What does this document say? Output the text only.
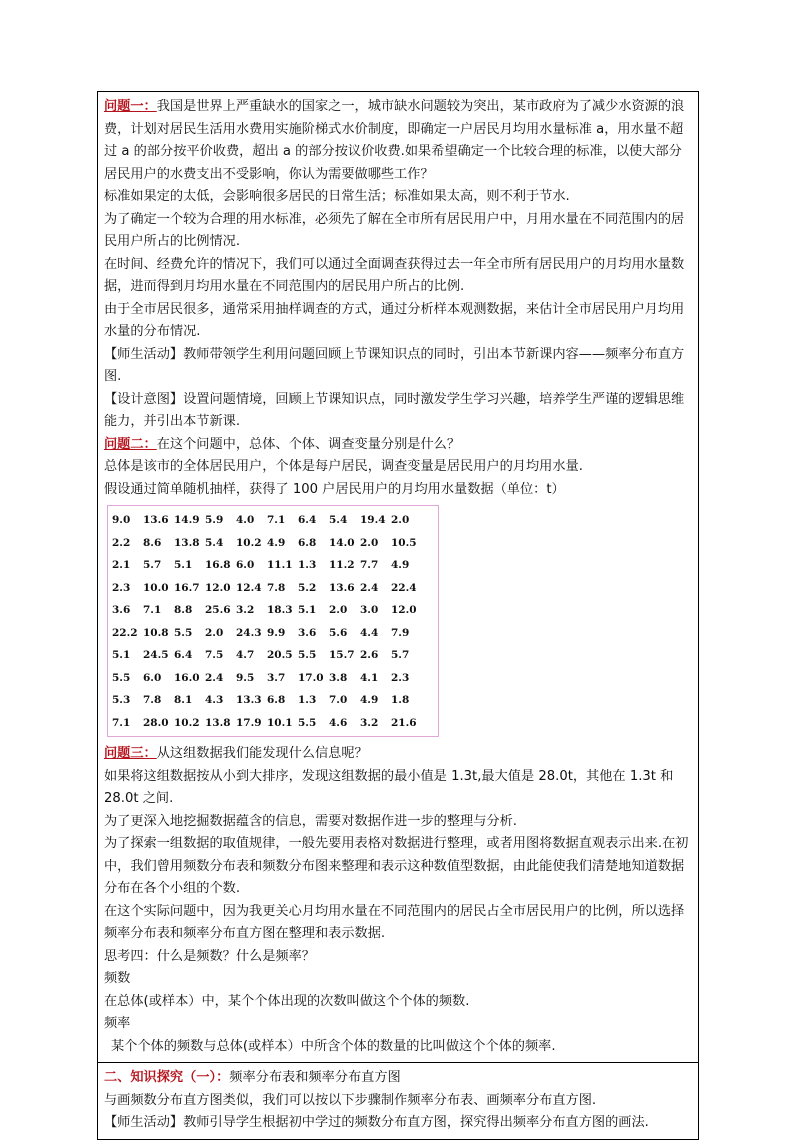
问题一：我国是世界上严重缺水的国家之一，城市缺水问题较为突出，某市政府为了减少水资源的浪费，计划对居民生活用水费用实施阶梯式水价制度，即确定一户居民月均用水量标准 a，用水量不超过 a 的部分按平价收费，超出 a 的部分按议价收费.如果希望确定一个比较合理的标准，以使大部分居民用户的水费支出不受影响，你认为需要做哪些工作？

标准如果定的太低，会影响很多居民的日常生活；标准如果太高，则不利于节水.

为了确定一个较为合理的用水标准，必须先了解在全市所有居民用户中，月用水量在不同范围内的居民用户所占的比例情况.

在时间、经费允许的情况下，我们可以通过全面调查获得过去一年全市所有居民用户的月均用水量数据，进而得到月均用水量在不同范围内的居民用户所占的比例.

由于全市居民很多，通常采用抽样调查的方式，通过分析样本观测数据，来估计全市居民用户月均用水量的分布情况.

【师生活动】教师带领学生利用问题回顾上节课知识点的同时，引出本节新课内容——频率分布直方图.

【设计意图】设置问题情境，回顾上节课知识点，同时激发学生学习兴趣，培养学生严谨的逻辑思维能力，并引出本节新课.

问题二：在这个问题中，总体、个体、调查变量分别是什么？

总体是该市的全体居民用户，个体是每户居民，调查变量是居民用户的月均用水量.

假设通过简单随机抽样，获得了 100 户居民用户的月均用水量数据（单位：t）

9.0	13.6	14.9	5.9	4.0	7.1	6.4	5.4	19.4	2.0
2.2	8.6	13.8	5.4	10.2	4.9	6.8	14.0	2.0	10.5
2.1	5.7	5.1	16.8	6.0	11.1	1.3	11.2	7.7	4.9
2.3	10.0	16.7	12.0	12.4	7.8	5.2	13.6	2.4	22.4
3.6	7.1	8.8	25.6	3.2	18.3	5.1	2.0	3.0	12.0
22.2	10.8	5.5	2.0	24.3	9.9	3.6	5.6	4.4	7.9
5.1	24.5	6.4	7.5	4.7	20.5	5.5	15.7	2.6	5.7
5.5	6.0	16.0	2.4	9.5	3.7	17.0	3.8	4.1	2.3
5.3	7.8	8.1	4.3	13.3	6.8	1.3	7.0	4.9	1.8
7.1	28.0	10.2	13.8	17.9	10.1	5.5	4.6	3.2	21.6

问题三：从这组数据我们能发现什么信息呢？

如果将这组数据按从小到大排序，发现这组数据的最小值是 1.3t,最大值是 28.0t，其他在 1.3t 和 28.0t 之间.

为了更深入地挖掘数据蕴含的信息，需要对数据作进一步的整理与分析.

为了探索一组数据的取值规律，一般先要用表格对数据进行整理，或者用图将数据直观表示出来.在初中，我们曾用频数分布表和频数分布图来整理和表示这种数值型数据，由此能使我们清楚地知道数据分布在各个小组的个数.

在这个实际问题中，因为我更关心月均用水量在不同范围内的居民占全市居民用户的比例，所以选择频率分布表和频率分布直方图在整理和表示数据.

思考四：什么是频数？什么是频率？

频数

在总体(或样本）中，某个个体出现的次数叫做这个个体的频数.

频率

某个个体的频数与总体(或样本）中所含个体的数量的比叫做这个个体的频率.

二、知识探究（一）：频率分布表和频率分布直方图

与画频数分布直方图类似，我们可以按以下步骤制作频率分布表、画频率分布直方图.

【师生活动】教师引导学生根据初中学过的频数分布直方图，探究得出频率分布直方图的画法.
